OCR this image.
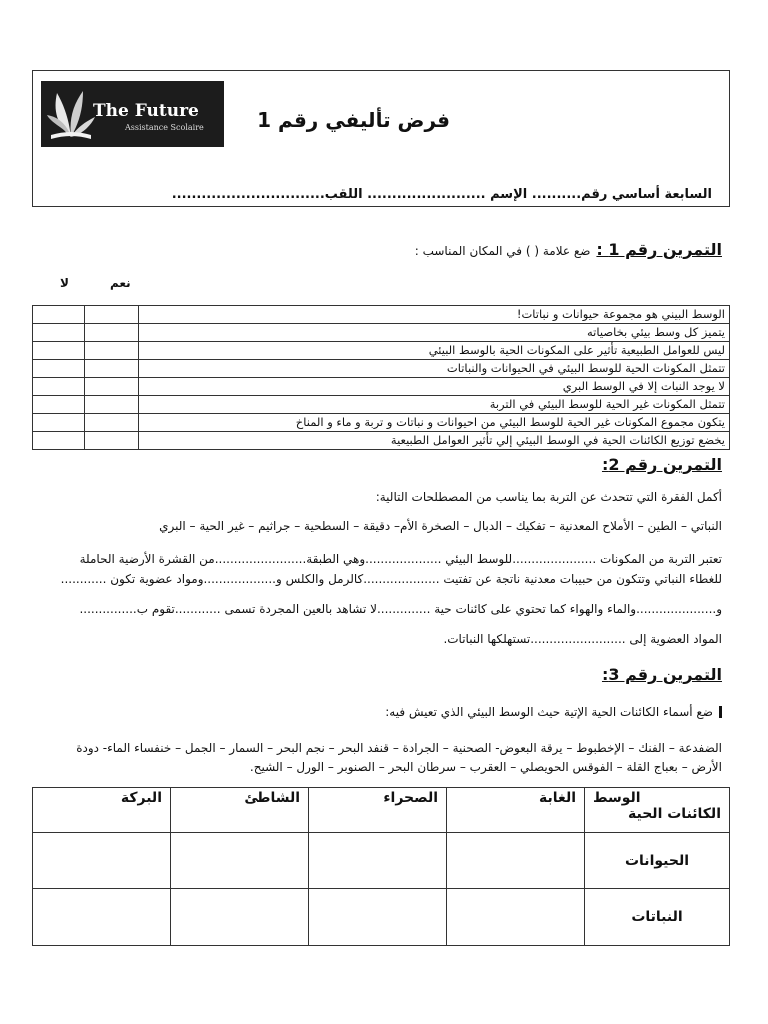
The Future
Assistance Scolaire	فرض تأليفي رقم 1
السابعة أساسي رقم.......... الإسم ........................ اللقب...............................
التمرين رقم 1 :
ضع علامة ( ) في المكان المناسب :
نعم
لا
		الوسط البيني هو مجموعة حيوانات و نباتات!
		يتميز كل وسط بيئي بخاصياته
		ليس للعوامل الطبيعية تأثير على المكونات الحية بالوسط البيئي
		تتمثل المكونات الحية للوسط البيئي في الحيوانات والنباتات
		لا يوجد النبات إلا في الوسط البري
		تتمثل المكونات غير الحية للوسط البيئي في التربة
		يتكون مجموع المكونات غير الحية للوسط البيئي من احيوانات و نباتات و تربة و ماء و المناخ
		يخضع توزيع الكائنات الحية في الوسط البيئي إلي تأثير العوامل الطبيعية
التمرين رقم 2:
أكمل الفقرة التي تتحدث عن التربة بما يناسب من المصطلحات التالية:
النباتي – الطين – الأملاح المعدنية – تفكيك – الدبال – الصخرة الأم– دقيقة – السطحية – جراثيم – غير الحية – البري
تعتبر التربة من المكونات ......................للوسط البيئي ....................وهي الطبقة........................من القشرة الأرضية الحاملة
للغطاء النباتي وتتكون من حبيبات معدنية ناتجة عن تفتيت ....................كالرمل والكلس و...................ومواد عضوية تكون ............
و.....................والماء والهواء كما تحتوي على كائنات حية ..............لا تشاهد بالعين المجردة تسمى ............تقوم ب...............
المواد العضوية إلى .........................تستهلكها النباتات.
التمرين رقم 3:
ضع أسماء الكائنات الحية الإتية حيث الوسط البيئي الذي تعيش فيه:
الضفدعة – الفنك – الإخطبوط – يرقة البعوض- الصحنية – الجرادة – قنفد البحر – نجم البحر – السمار – الجمل – خنفساء الماء- دودة
الأرض – بعباج القلة – الفوقس الحويصلي – العقرب – سرطان البحر – الصنوبر – الورل – الشيح.
البركة	الشاطئ	الصحراء	الغابة	الوسط
الكائنات الحية

				الحيوانات
				النباتات
